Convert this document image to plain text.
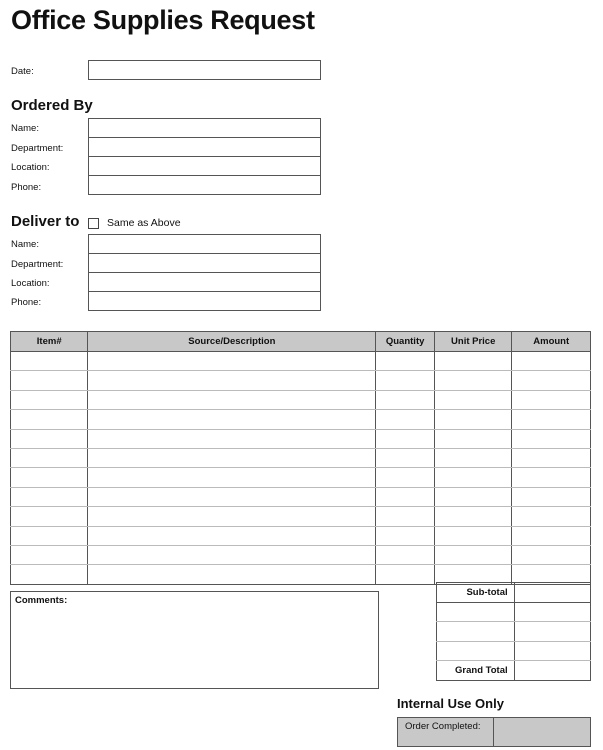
Office Supplies Request
Date:
Ordered By
Name:
Department:
Location:
Phone:
Deliver to	Same as Above
Name:
Department:
Location:
Phone:
Item#	Source/Description	Quantity	Unit Price	Amount

Comments:
Sub-total	

Grand Total	
Internal Use Only
Order Completed:
